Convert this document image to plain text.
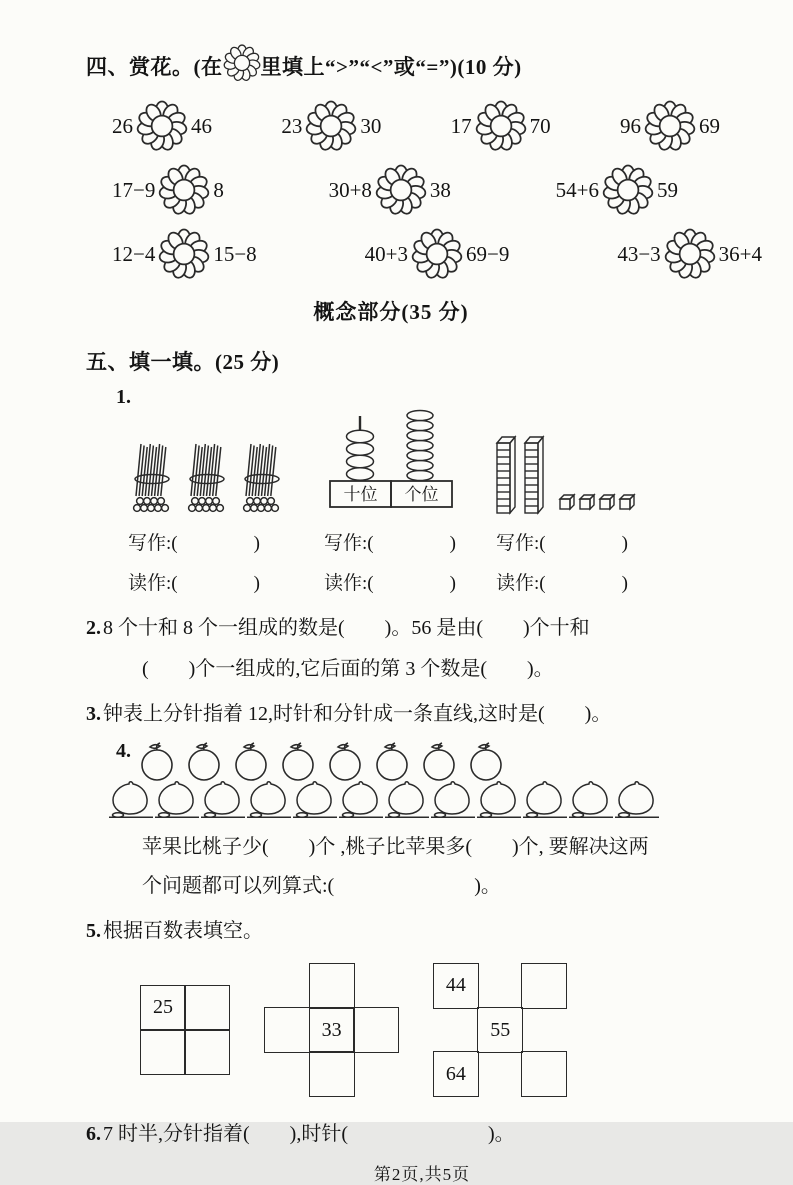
四、赏花。(在 里填上“>”“<”或“=”)(10 分)
26	46	23	30	17	70	96	69
17−9	8	30+8	38	54+6	59
12−4	15−8	40+3	69−9	43−3	36+4
概念部分(35 分)
五、填一填。(25 分)
1.
写作:(　　　　)
读作:(　　　　)
十位 个位
写作:(　　　　)
读作:(　　　　)
写作:(　　　　)
读作:(　　　　)
2. 8 个十和 8 个一组成的数是(　　)。56 是由(　　)个十和
(　　)个一组成的,它后面的第 3 个数是(　　)。
3. 钟表上分针指着 12,时针和分针成一条直线,这时是(　　)。
4.
苹果比桃子少(　　)个 ,桃子比苹果多(　　)个, 要解决这两
个问题都可以列算式:(　　　　　　　)。
5. 根据百数表填空。
25
33
44
55
64
6. 7 时半,分针指着(　　),时针(　　　　　　　)。
第2页,共5页
